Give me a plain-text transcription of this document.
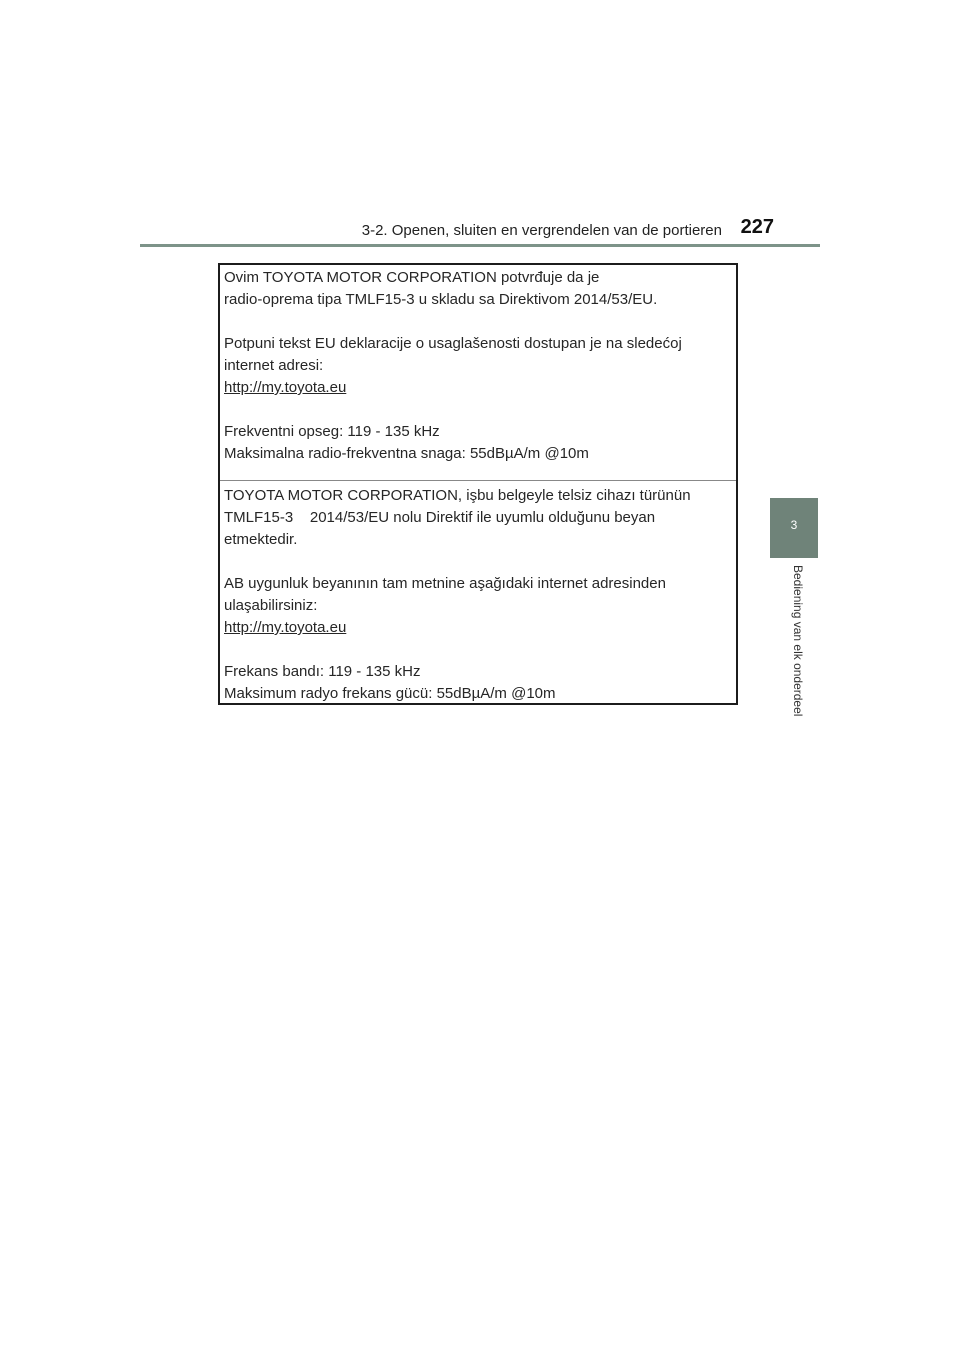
3-2. Openen, sluiten en vergrendelen van de portieren 227
3
Bediening van elk onderdeel
Ovim TOYOTA MOTOR CORPORATION potvrđuje da je
radio-oprema tipa TMLF15-3 u skladu sa Direktivom 2014/53/EU.
Potpuni tekst EU deklaracije o usaglašenosti dostupan je na sledećoj
internet adresi:
http://my.toyota.eu
Frekventni opseg: 119 - 135 kHz
Maksimalna radio-frekventna snaga: 55dBµA/m @10m
TOYOTA MOTOR CORPORATION, işbu belgeyle telsiz cihazı türünün
TMLF15-3    2014/53/EU nolu Direktif ile uyumlu olduğunu beyan
etmektedir.
AB uygunluk beyanının tam metnine aşağıdaki internet adresinden
ulaşabilirsiniz:
http://my.toyota.eu
Frekans bandı: 119 - 135 kHz
Maksimum radyo frekans gücü: 55dBµA/m @10m
